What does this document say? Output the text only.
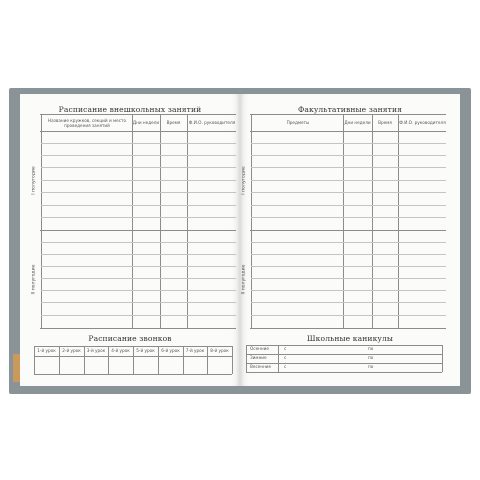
Расписание внешкольных занятий
Название кружков, секций и место проведения занятий	Дни недели	Время	Ф.И.О. руководителя
I полугодие
II полугодие
Расписание звонков
1-й урок	2-й урок	3-й урок	4-й урок	5-й урок	6-й урок	7-й урок	8-й урок
Факультативные занятия
Предметы	Дни недели	Время	Ф.И.О. руководителя
I полугодие
II полугодие
Школьные каникулы
Осенние	с	по
Зимние	с	по
Весенние	с	по
